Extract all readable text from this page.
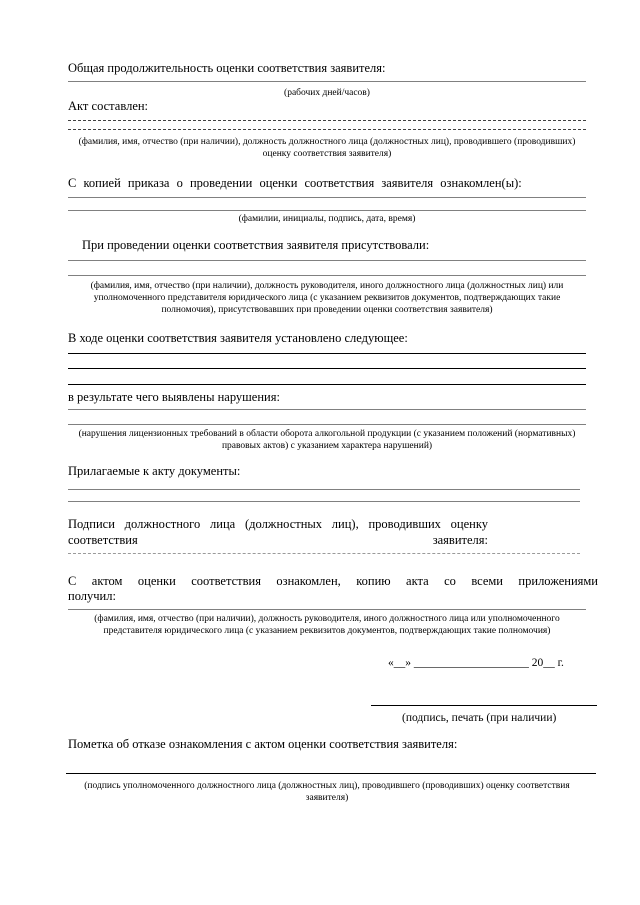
Общая продолжительность оценки соответствия заявителя:
(рабочих дней/часов)
Акт составлен:
(фамилия, имя, отчество (при наличии), должность должностного лица (должностных лиц), проводившего (проводивших) оценку соответствия заявителя)
С копией приказа о проведении оценки соответствия заявителя ознакомлен(ы):
(фамилии, инициалы, подпись, дата, время)
При проведении оценки соответствия заявителя присутствовали:
(фамилия, имя, отчество (при наличии), должность руководителя, иного должностного лица (должностных лиц) или уполномоченного представителя юридического лица (с указанием реквизитов документов, подтверждающих такие полномочия), присутствовавших при проведении оценки соответствия заявителя)
В ходе оценки соответствия заявителя установлено следующее:
в результате чего выявлены нарушения:
(нарушения лицензионных требований в области оборота алкогольной продукции (с указанием положений (нормативных) правовых актов) с указанием характера нарушений)
Прилагаемые к акту документы:
Подписи должностного лица (должностных лиц), проводивших оценку соответствия заявителя:
С актом оценки соответствия ознакомлен, копию акта со всеми приложениями
получил:
(фамилия, имя, отчество (при наличии), должность руководителя, иного должностного лица или уполномоченного представителя юридического лица (с указанием реквизитов документов, подтверждающих такие полномочия)
«__» ____________________ 20__ г.
(подпись, печать (при наличии)
Пометка об отказе ознакомления с актом оценки соответствия заявителя:
(подпись уполномоченного должностного лица (должностных лиц), проводившего (проводивших) оценку соответствия заявителя)
